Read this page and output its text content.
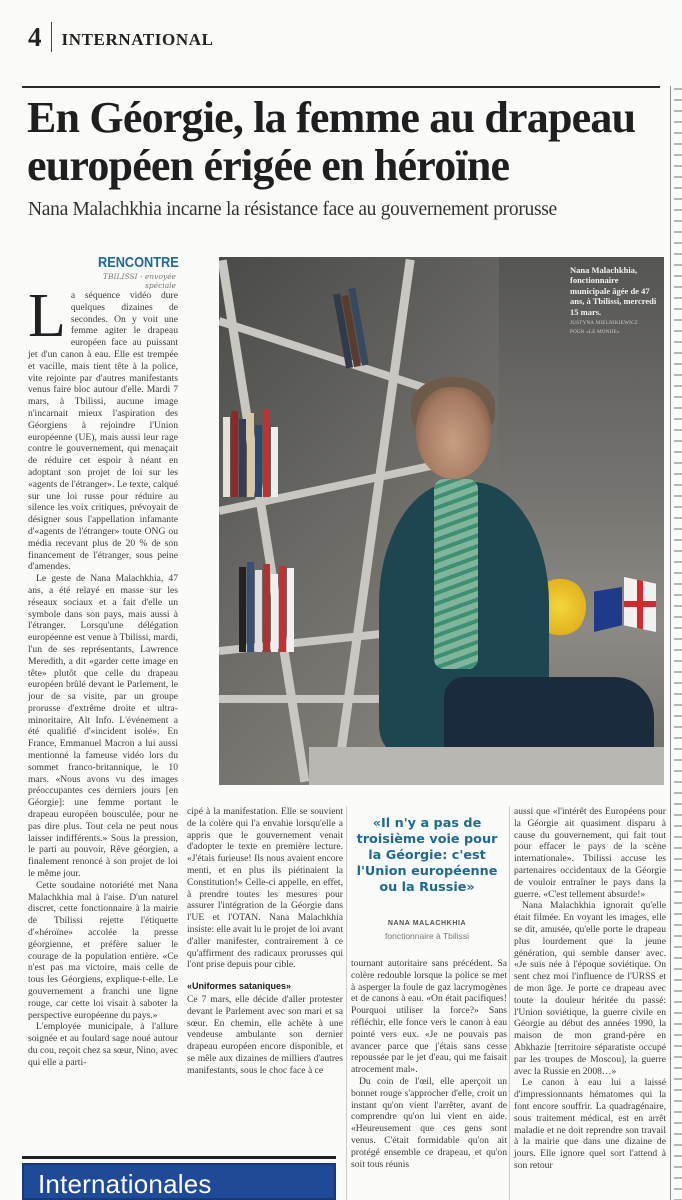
4	INTERNATIONAL
En Géorgie, la femme au drapeau européen érigée en héroïne
Nana Malachkhia incarne la résistance face au gouvernement prorusse
RENCONTRE
TBILISSI - envoyée spéciale

La séquence vidéo dure quelques dizaines de secondes. On y voit une femme agiter le drapeau européen face au puissant jet d'un canon à eau. Elle est trempée et vacille, mais tient tête à la police, vite rejointe par d'autres manifestants venus faire bloc autour d'elle. Mardi 7 mars, à Tbilissi, aucune image n'incarnait mieux l'aspiration des Géorgiens à rejoindre l'Union européenne (UE), mais aussi leur rage contre le gouvernement, qui menaçait de réduire cet espoir à néant en adoptant son projet de loi sur les «agents de l'étranger». Le texte, calqué sur une loi russe pour réduire au silence les voix critiques, prévoyait de désigner sous l'appellation infamante d'«agents de l'étranger» toute ONG ou média recevant plus de 20 % de son financement de l'étranger, sous peine d'amendes.

Le geste de Nana Malachkhia, 47 ans, a été relayé en masse sur les réseaux sociaux et a fait d'elle un symbole dans son pays, mais aussi à l'étranger. Lorsqu'une délégation européenne est venue à Tbilissi, mardi, l'un de ses représentants, Lawrence Meredith, a dit «garder cette image en tête» plutôt que celle du drapeau européen brûlé devant le Parlement, le jour de sa visite, par un groupe prorusse d'extrême droite et ultra-minoritaire, Alt Info. L'événement a été qualifié d'«incident isolé». En France, Emmanuel Macron a lui aussi mentionné la fameuse vidéo lors du sommet franco-britannique, le 10 mars. «Nous avons vu des images préoccupantes ces derniers jours [en Géorgie]: une femme portant le drapeau européen bousculée, pour ne pas dire plus. Tout cela ne peut nous laisser indifférents.» Sous la pression, le parti au pouvoir, Rêve géorgien, a finalement renoncé à son projet de loi le même jour.

Cette soudaine notoriété met Nana Malachkhia mal à l'aise. D'un naturel discret, cette fonctionnaire à la mairie de Tbilissi rejette l'étiquette d'«héroïne» accolée la presse géorgienne, et préfère saluer le courage de la population entière. «Ce n'est pas ma victoire, mais celle de tous les Géorgiens, explique-t-elle. Le gouvernement a franchi une ligne rouge, car cette loi visait à saboter la perspective européenne du pays.»

L'employée municipale, à l'allure soignée et au foulard sage noué autour du cou, reçoit chez sa sœur, Nino, avec qui elle a parti-

Nana Malachkhia, fonctionnaire municipale âgée de 47 ans, à Tbilissi, mercredi 15 mars.
JUSTYNA MIELNIKIEWICZ
POUR «LE MONDE»

cipé à la manifestation. Elle se souvient de la colère qui l'a envahie lorsqu'elle a appris que le gouvernement venait d'adopter le texte en première lecture. «J'étais furieuse! Ils nous avaient encore menti, et en plus ils piétinaient la Constitution!» Celle-ci appelle, en effet, à prendre toutes les mesures pour assurer l'intégration de la Géorgie dans l'UE et l'OTAN. Nana Malachkhia insiste: elle avait lu le projet de loi avant d'aller manifester, contrairement à ce qu'affirment des radicaux prorusses qui l'ont prise depuis pour cible.

«Uniformes sataniques»

Ce 7 mars, elle décide d'aller protester devant le Parlement avec son mari et sa sœur. En chemin, elle achète à une vendeuse ambulante son dernier drapeau européen encore disponible, et se mêle aux dizaines de milliers d'autres manifestants, sous le choc face à ce

«Il n'y a pas de troisième voie pour la Géorgie: c'est l'Union européenne ou la Russie»
NANA MALACHKHIA
fonctionnaire à Tbilissi

tournant autoritaire sans précédent. Sa colère redouble lorsque la police se met à asperger la foule de gaz lacrymogènes et de canons à eau. «On était pacifiques! Pourquoi utiliser la force?» Sans réfléchir, elle fonce vers le canon à eau pointé vers eux. «Je ne pouvais pas avancer parce que j'étais sans cesse repoussée par le jet d'eau, qui me faisait atrocement mal».

Du coin de l'œil, elle aperçoit un bonnet rouge s'approcher d'elle, croit un instant qu'on vient l'arrêter, avant de comprendre qu'on lui vient en aide. «Heureusement que ces gens sont venus. C'était formidable qu'on ait protégé ensemble ce drapeau, et qu'on soit tous réunis

aussi que «l'intérêt des Européens pour la Géorgie ait quasiment disparu à cause du gouvernement, qui fait tout pour effacer le pays de la scène internationale». Tbilissi accuse les partenaires occidentaux de la Géorgie de vouloir entraîner le pays dans la guerre. «C'est tellement absurde!»

Nana Malachkhia ignorait qu'elle était filmée. En voyant les images, elle se dit, amusée, qu'elle porte le drapeau plus lourdement que la jeune génération, qui semble danser avec. «Je suis née à l'époque soviétique. On sent chez moi l'influence de l'URSS et de mon âge. Je porte ce drapeau avec toute la douleur héritée du passé: l'Union soviétique, la guerre civile en Géorgie au début des années 1990, la maison de mon grand-père en Abkhazie [territoire séparatiste occupé par les troupes de Moscou], la guerre avec la Russie en 2008…»

Le canon à eau lui a laissé d'impressionnants hématomes qui la font encore souffrir. La quadragénaire, sous traitement médical, est en arrêt maladie et ne doit reprendre son travail à la mairie que dans une dizaine de jours. Elle ignore quel sort l'attend à son retour

Internationales
